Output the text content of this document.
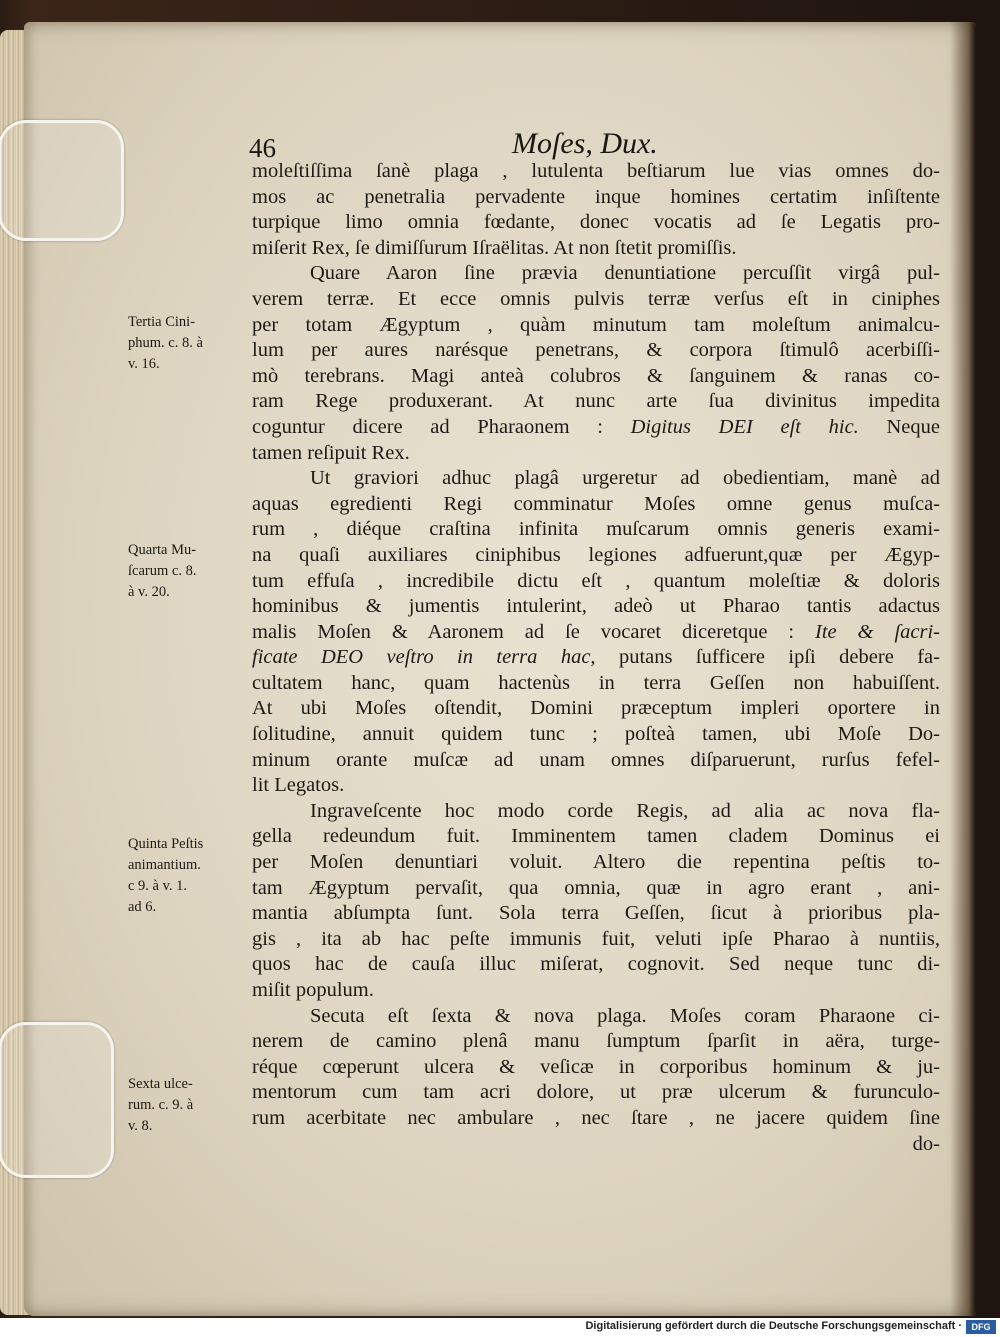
46	Moſes, Dux.
moleſtiſſima ſanè plaga , lutulenta beſtiarum lue vias omnes do-
mos ac penetralia pervadente inque homines certatim inſiſtente
turpique limo omnia fœdante, donec vocatis ad ſe Legatis pro-
miſerit Rex, ſe dimiſſurum Iſraëlitas. At non ſtetit promiſſis.
Quare Aaron ſine prævia denuntiatione percuſſit virgâ pul-
verem terræ. Et ecce omnis pulvis terræ verſus eſt in ciniphes
per totam Ægyptum , quàm minutum tam moleſtum animalcu-
lum per aures narésque penetrans, & corpora ſtimulô acerbiſſi-
mò terebrans. Magi anteà colubros & ſanguinem & ranas co-
ram Rege produxerant. At nunc arte ſua divinitus impedita
coguntur dicere ad Pharaonem : Digitus DEI eſt hic. Neque
tamen reſipuit Rex.
Ut graviori adhuc plagâ urgeretur ad obedientiam, manè ad
aquas egredienti Regi comminatur Moſes omne genus muſca-
rum , diéque craſtina infinita muſcarum omnis generis exami-
na quaſi auxiliares ciniphibus legiones adfuerunt,quæ per Ægyp-
tum effuſa , incredibile dictu eſt , quantum moleſtiæ & doloris
hominibus & jumentis intulerint, adeò ut Pharao tantis adactus
malis Moſen & Aaronem ad ſe vocaret diceretque : Ite & ſacri-
ficate DEO veſtro in terra hac, putans ſufficere ipſi debere fa-
cultatem hanc, quam hactenùs in terra Geſſen non habuiſſent.
At ubi Moſes oſtendit, Domini præceptum impleri oportere in
ſolitudine, annuit quidem tunc ; poſteà tamen, ubi Moſe Do-
minum orante muſcæ ad unam omnes diſparuerunt, rurſus fefel-
lit Legatos.
Ingraveſcente hoc modo corde Regis, ad alia ac nova fla-
gella redeundum fuit. Imminentem tamen cladem Dominus ei
per Moſen denuntiari voluit. Altero die repentina peſtis to-
tam Ægyptum pervaſit, qua omnia, quæ in agro erant , ani-
mantia abſumpta ſunt. Sola terra Geſſen, ſicut à prioribus pla-
gis , ita ab hac peſte immunis fuit, veluti ipſe Pharao à nuntiis,
quos hac de cauſa illuc miſerat, cognovit. Sed neque tunc di-
miſit populum.
Secuta eſt ſexta & nova plaga. Moſes coram Pharaone ci-
nerem de camino plenâ manu ſumptum ſparſit in aëra, turge-
réque cœperunt ulcera & veſicæ in corporibus hominum & ju-
mentorum cum tam acri dolore, ut præ ulcerum & furunculo-
rum acerbitate nec ambulare , nec ſtare , ne jacere quidem ſine
do-
Tertia Cini-
phum. c. 8. à
v. 16.
Quarta Mu-
ſcarum c. 8.
à v. 20.
Quinta Peſtis
animantium.
c 9. à v. 1.
ad 6.
Sexta ulce-
rum. c. 9. à
v. 8.
Digitalisierung gefördert durch die Deutsche Forschungsgemeinschaft ·	DFG
